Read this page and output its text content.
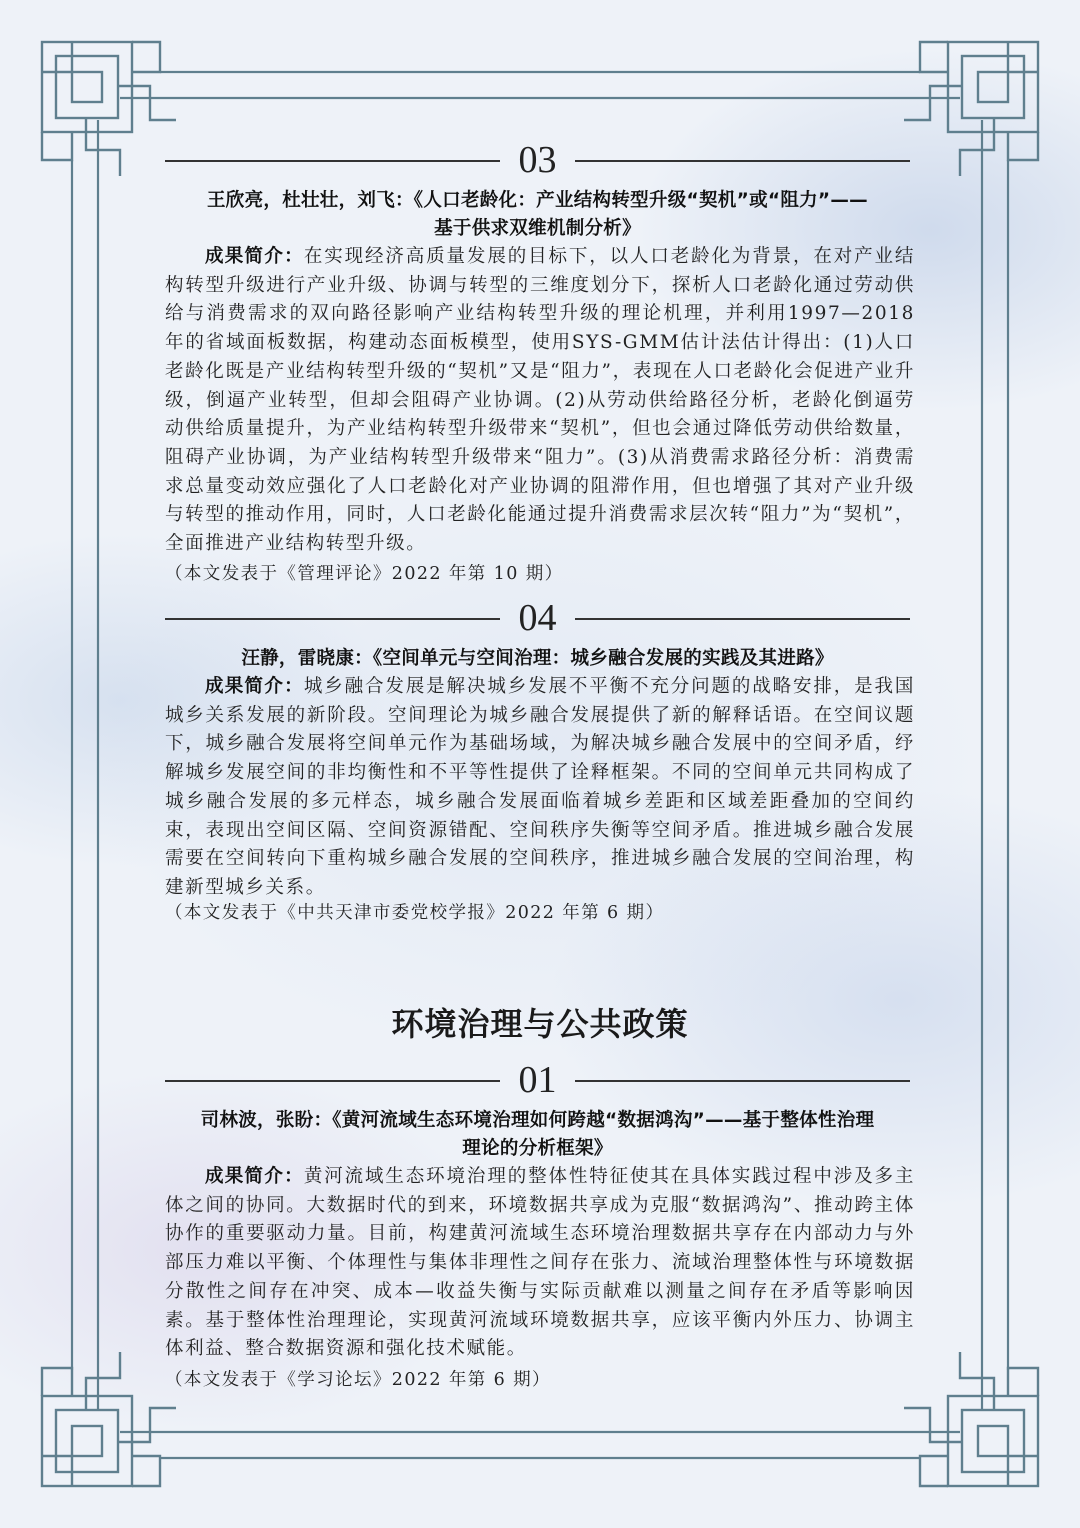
03
王欣亮，杜壮壮，刘飞：《人口老龄化：产业结构转型升级“契机”或“阻力”——
基于供求双维机制分析》
成果简介：在实现经济高质量发展的目标下，以人口老龄化为背景，在对产业结构转型升级进行产业升级、协调与转型的三维度划分下，探析人口老龄化通过劳动供给与消费需求的双向路径影响产业结构转型升级的理论机理，并利用1997—2018年的省域面板数据，构建动态面板模型，使用SYS-GMM估计法估计得出：(1)人口老龄化既是产业结构转型升级的“契机”又是“阻力”，表现在人口老龄化会促进产业升级，倒逼产业转型，但却会阻碍产业协调。(2)从劳动供给路径分析，老龄化倒逼劳动供给质量提升，为产业结构转型升级带来“契机”，但也会通过降低劳动供给数量，阻碍产业协调，为产业结构转型升级带来“阻力”。(3)从消费需求路径分析：消费需求总量变动效应强化了人口老龄化对产业协调的阻滞作用，但也增强了其对产业升级与转型的推动作用，同时，人口老龄化能通过提升消费需求层次转“阻力”为“契机”，全面推进产业结构转型升级。
（本文发表于《管理评论》2022 年第 10 期）
04
汪静，雷晓康：《空间单元与空间治理：城乡融合发展的实践及其进路》
成果简介：城乡融合发展是解决城乡发展不平衡不充分问题的战略安排，是我国城乡关系发展的新阶段。空间理论为城乡融合发展提供了新的解释话语。在空间议题下，城乡融合发展将空间单元作为基础场域，为解决城乡融合发展中的空间矛盾，纾解城乡发展空间的非均衡性和不平等性提供了诠释框架。不同的空间单元共同构成了城乡融合发展的多元样态，城乡融合发展面临着城乡差距和区域差距叠加的空间约束，表现出空间区隔、空间资源错配、空间秩序失衡等空间矛盾。推进城乡融合发展需要在空间转向下重构城乡融合发展的空间秩序，推进城乡融合发展的空间治理，构建新型城乡关系。
（本文发表于《中共天津市委党校学报》2022 年第 6 期）
环境治理与公共政策
01
司林波，张盼：《黄河流域生态环境治理如何跨越“数据鸿沟”——基于整体性治理
理论的分析框架》
成果简介：黄河流域生态环境治理的整体性特征使其在具体实践过程中涉及多主体之间的协同。大数据时代的到来，环境数据共享成为克服“数据鸿沟”、推动跨主体协作的重要驱动力量。目前，构建黄河流域生态环境治理数据共享存在内部动力与外部压力难以平衡、个体理性与集体非理性之间存在张力、流域治理整体性与环境数据分散性之间存在冲突、成本—收益失衡与实际贡献难以测量之间存在矛盾等影响因素。基于整体性治理理论，实现黄河流域环境数据共享，应该平衡内外压力、协调主体利益、整合数据资源和强化技术赋能。
（本文发表于《学习论坛》2022 年第 6 期）
